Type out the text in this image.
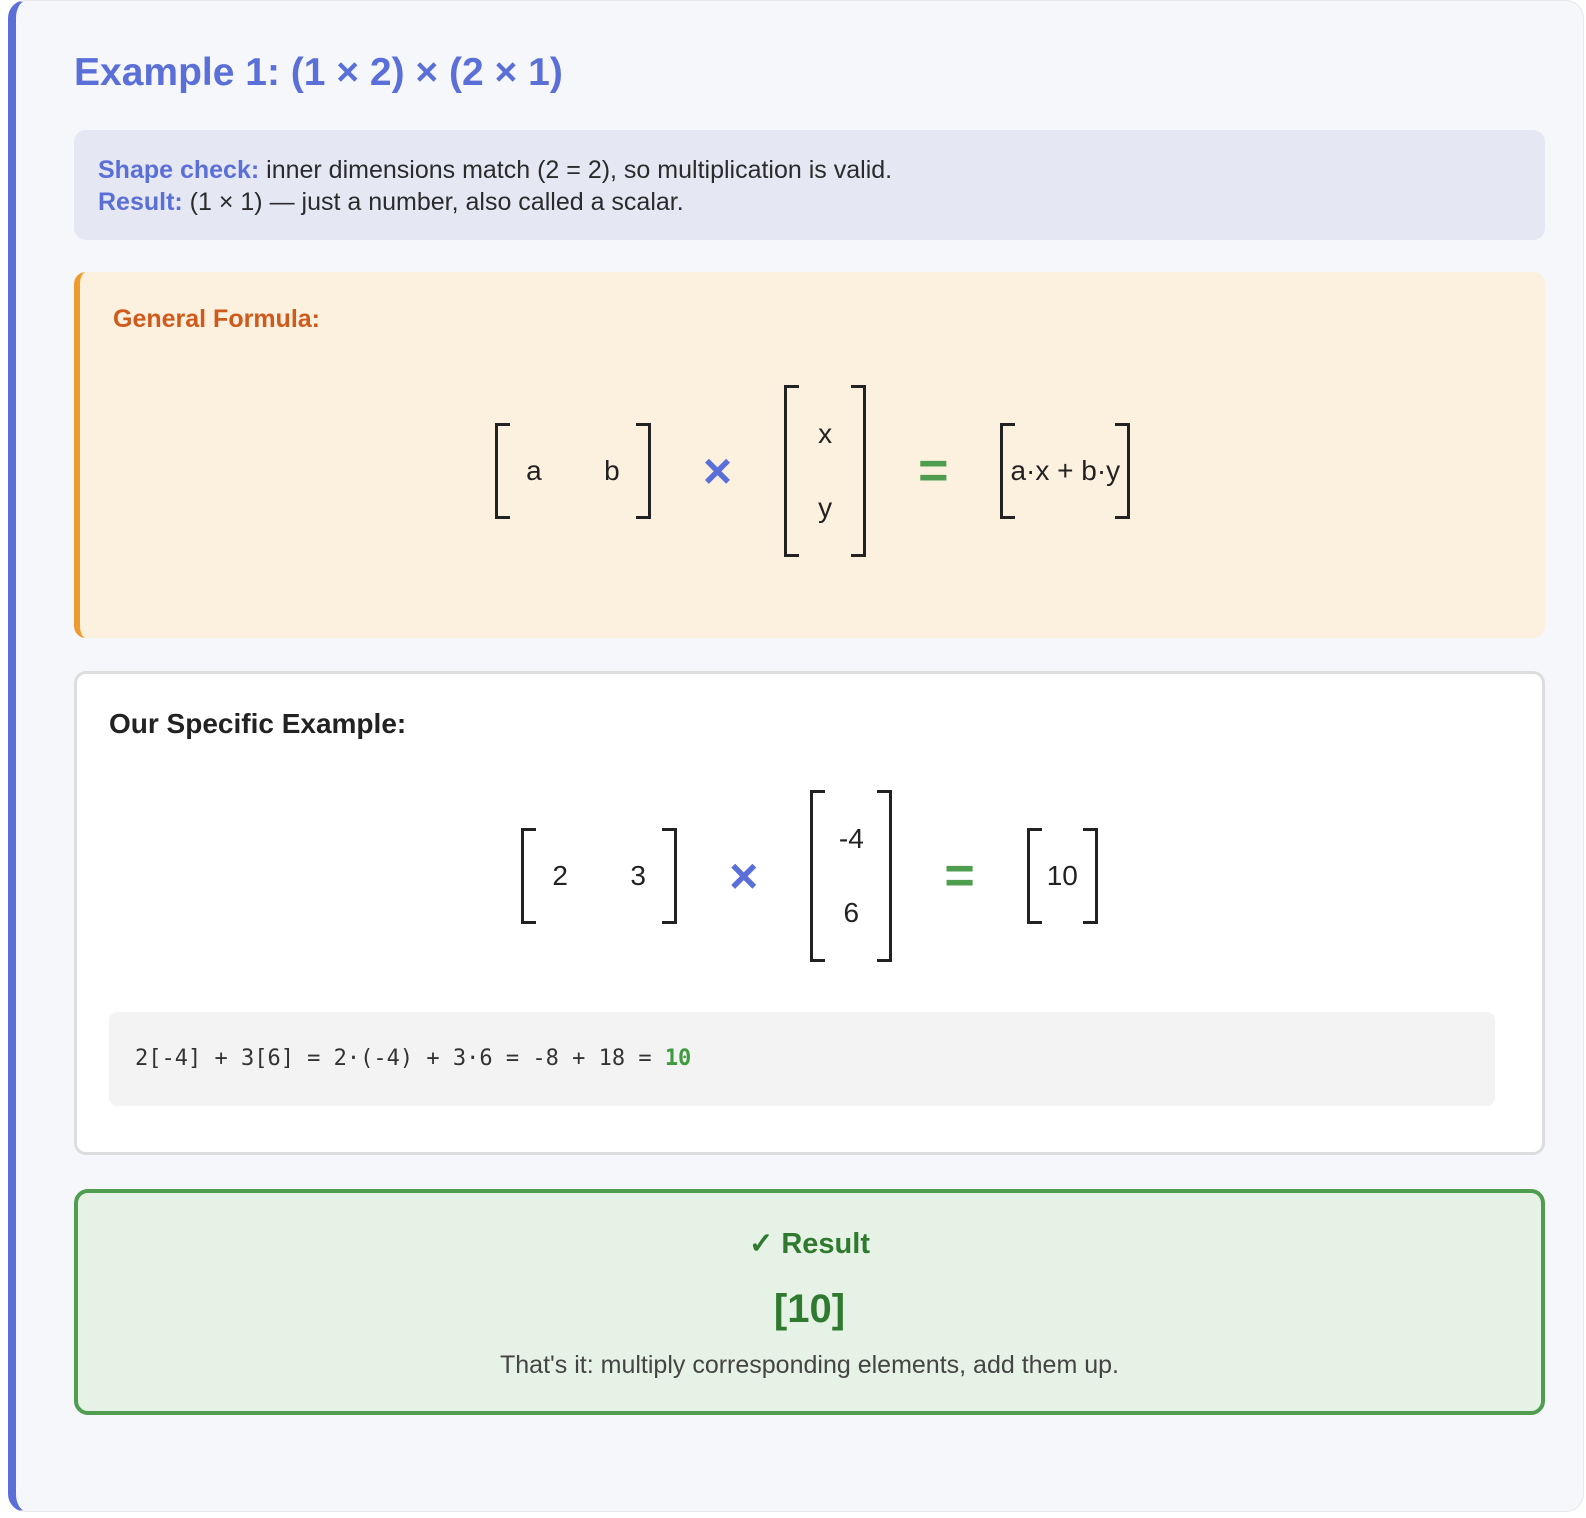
Example 1: (1 × 2) × (2 × 1)
Shape check: inner dimensions match (2 = 2), so multiplication is valid.
Result: (1 × 1) — just a number, also called a scalar.
General Formula:
a	b	×
x
y
= a·x + b·y
Our Specific Example:
2	3	×
-4
6
=	10
2[-4] + 3[6] = 2·(-4) + 3·6 = -8 + 18 = 10
✓ Result
[10]
That's it: multiply corresponding elements, add them up.
